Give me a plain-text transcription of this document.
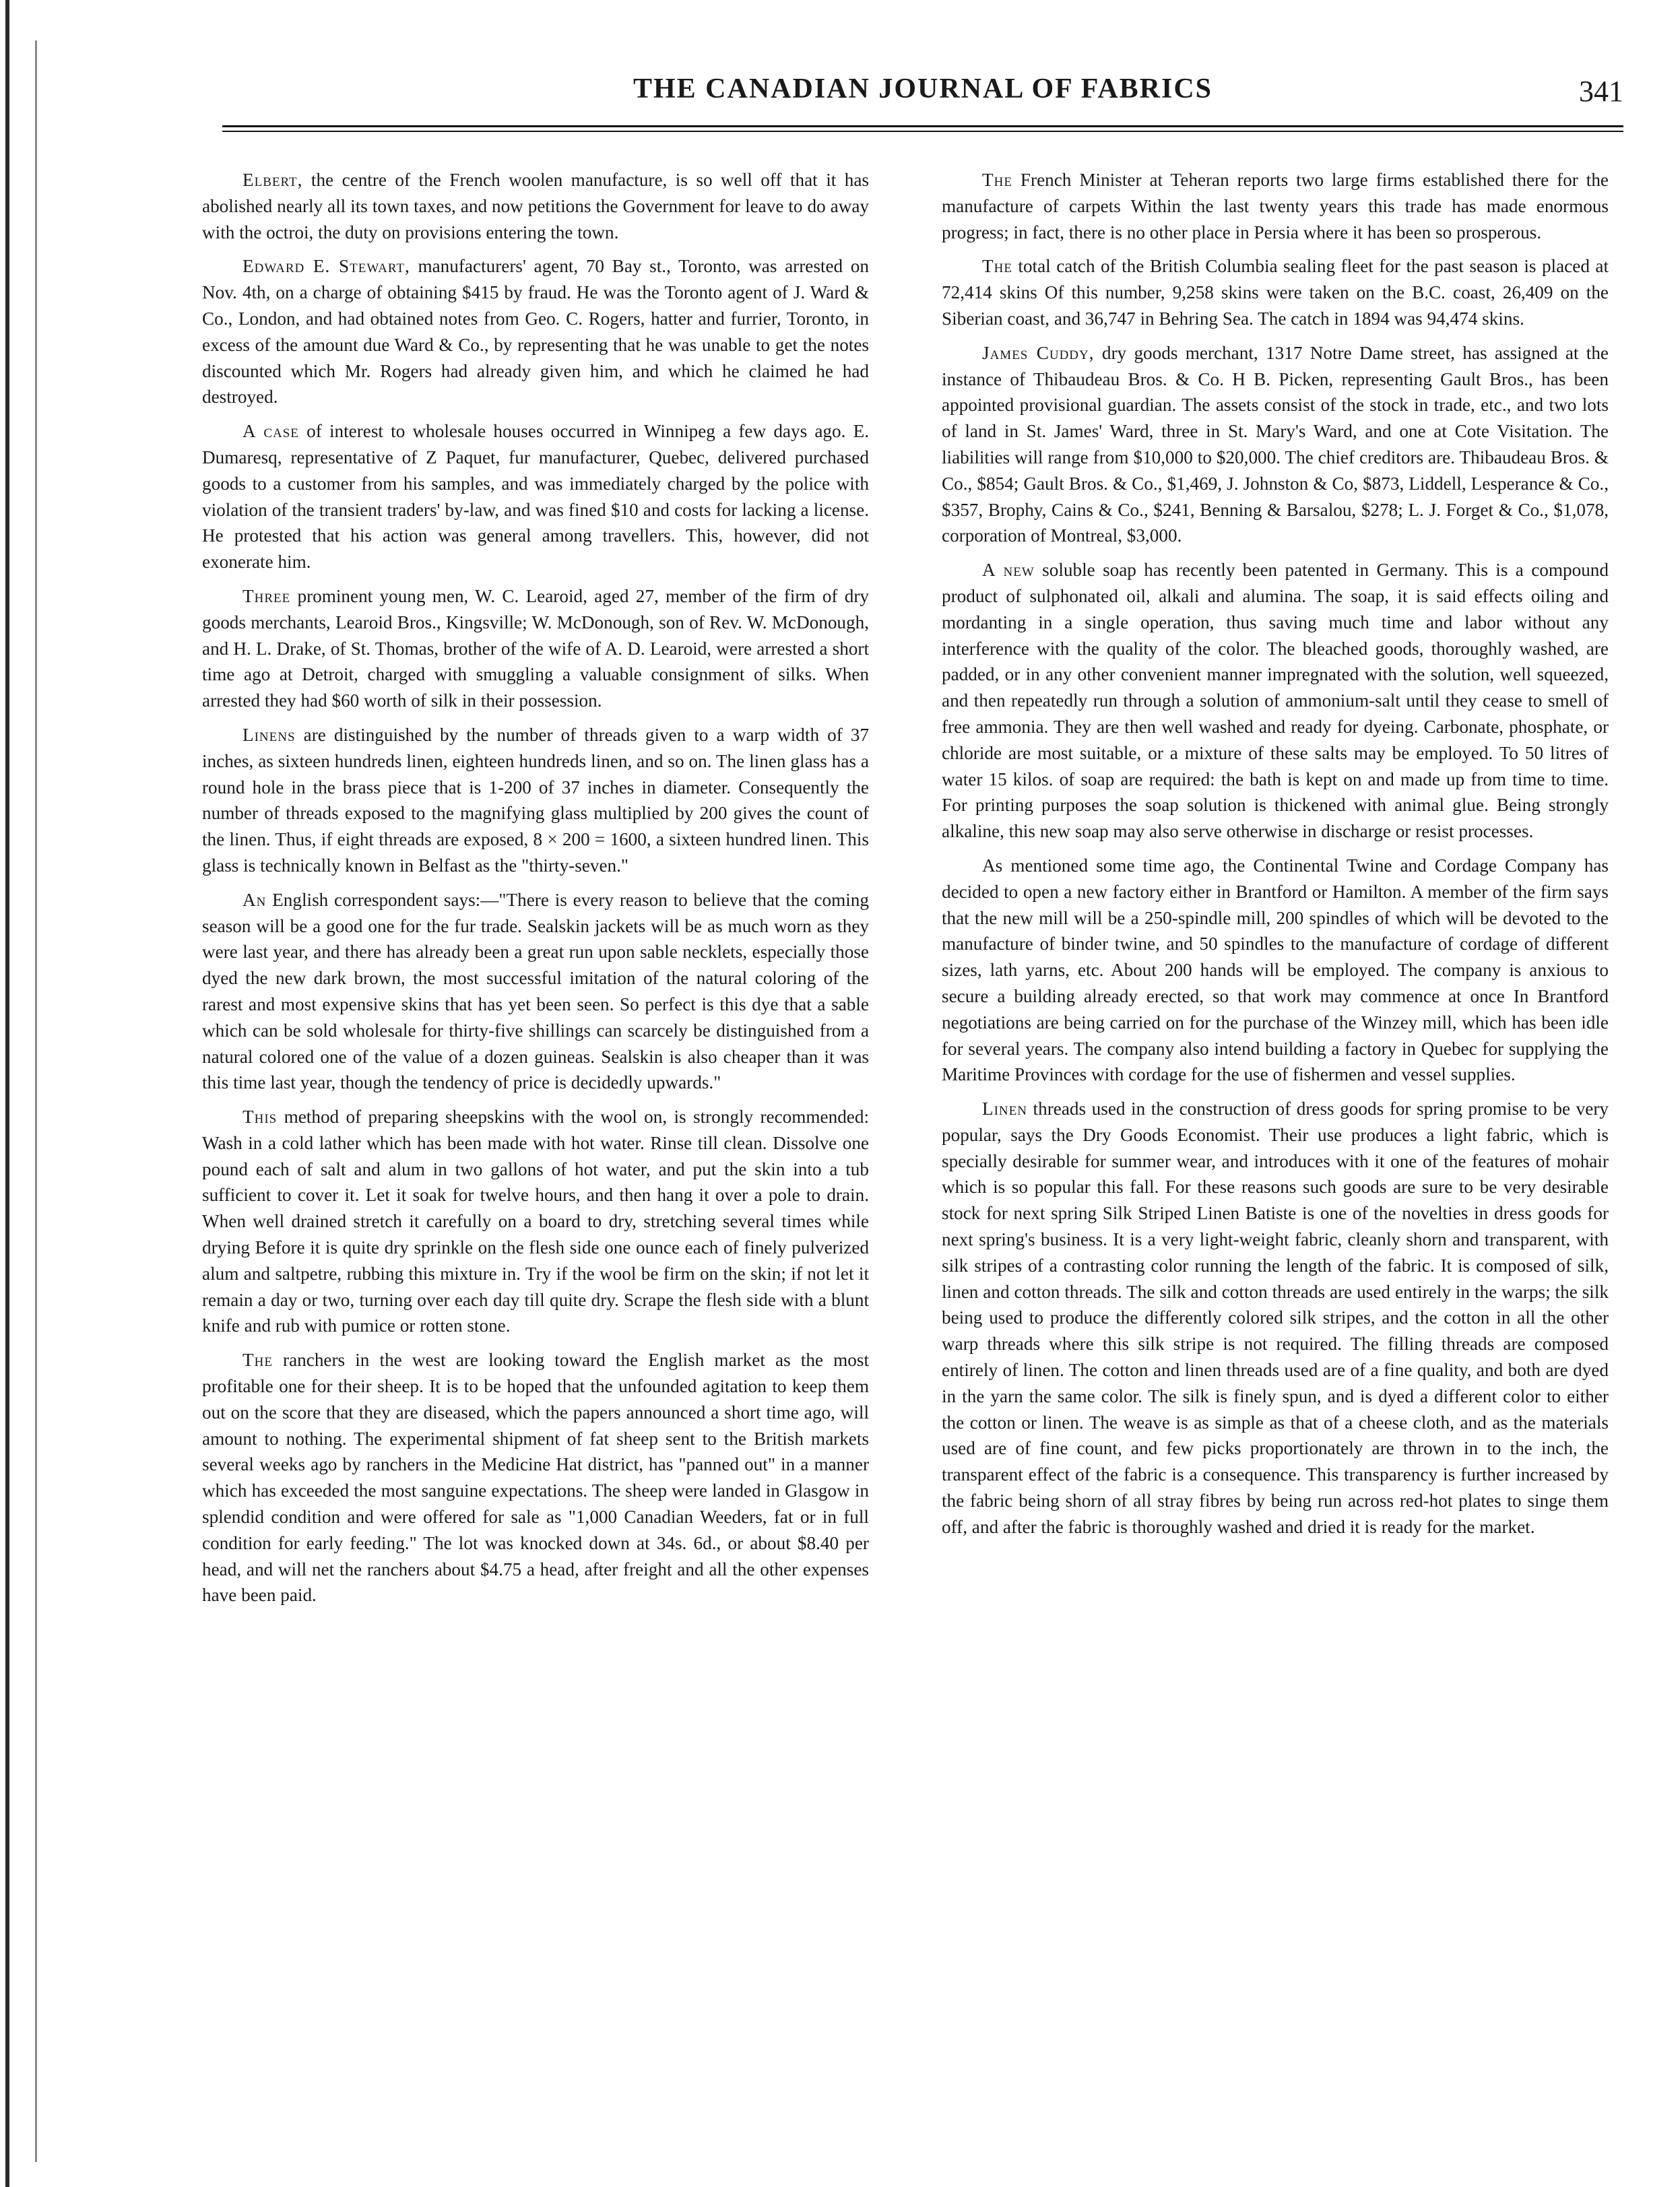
THE CANADIAN JOURNAL OF FABRICS	341

Elbert, the centre of the French woolen manufacture, is so well off that it has abolished nearly all its town taxes, and now petitions the Government for leave to do away with the octroi, the duty on provisions entering the town.

Edward E. Stewart, manufacturers' agent, 70 Bay st., Toronto, was arrested on Nov. 4th, on a charge of obtaining $415 by fraud. He was the Toronto agent of J. Ward & Co., London, and had obtained notes from Geo. C. Rogers, hatter and furrier, Toronto, in excess of the amount due Ward & Co., by representing that he was unable to get the notes discounted which Mr. Rogers had already given him, and which he claimed he had destroyed.

A case of interest to wholesale houses occurred in Winnipeg a few days ago. E. Dumaresq, representative of Z Paquet, fur manufacturer, Quebec, delivered purchased goods to a customer from his samples, and was immediately charged by the police with violation of the transient traders' by-law, and was fined $10 and costs for lacking a license. He protested that his action was general among travellers. This, however, did not exonerate him.

Three prominent young men, W. C. Learoid, aged 27, member of the firm of dry goods merchants, Learoid Bros., Kingsville; W. McDonough, son of Rev. W. McDonough, and H. L. Drake, of St. Thomas, brother of the wife of A. D. Learoid, were arrested a short time ago at Detroit, charged with smuggling a valuable consignment of silks. When arrested they had $60 worth of silk in their possession.

Linens are distinguished by the number of threads given to a warp width of 37 inches, as sixteen hundreds linen, eighteen hundreds linen, and so on. The linen glass has a round hole in the brass piece that is 1-200 of 37 inches in diameter. Consequently the number of threads exposed to the magnifying glass multiplied by 200 gives the count of the linen. Thus, if eight threads are exposed, 8 × 200 = 1600, a sixteen hundred linen. This glass is technically known in Belfast as the "thirty-seven."

An English correspondent says:—"There is every reason to believe that the coming season will be a good one for the fur trade. Sealskin jackets will be as much worn as they were last year, and there has already been a great run upon sable necklets, especially those dyed the new dark brown, the most successful imitation of the natural coloring of the rarest and most expensive skins that has yet been seen. So perfect is this dye that a sable which can be sold wholesale for thirty-five shillings can scarcely be distinguished from a natural colored one of the value of a dozen guineas. Sealskin is also cheaper than it was this time last year, though the tendency of price is decidedly upwards."

This method of preparing sheepskins with the wool on, is strongly recommended: Wash in a cold lather which has been made with hot water. Rinse till clean. Dissolve one pound each of salt and alum in two gallons of hot water, and put the skin into a tub sufficient to cover it. Let it soak for twelve hours, and then hang it over a pole to drain. When well drained stretch it carefully on a board to dry, stretching several times while drying Before it is quite dry sprinkle on the flesh side one ounce each of finely pulverized alum and saltpetre, rubbing this mixture in. Try if the wool be firm on the skin; if not let it remain a day or two, turning over each day till quite dry. Scrape the flesh side with a blunt knife and rub with pumice or rotten stone.

The ranchers in the west are looking toward the English market as the most profitable one for their sheep. It is to be hoped that the unfounded agitation to keep them out on the score that they are diseased, which the papers announced a short time ago, will amount to nothing. The experimental shipment of fat sheep sent to the British markets several weeks ago by ranchers in the Medicine Hat district, has "panned out" in a manner which has exceeded the most sanguine expectations. The sheep were landed in Glasgow in splendid condition and were offered for sale as "1,000 Canadian Weeders, fat or in full condition for early feeding." The lot was knocked down at 34s. 6d., or about $8.40 per head, and will net the ranchers about $4.75 a head, after freight and all the other expenses have been paid.

The French Minister at Teheran reports two large firms established there for the manufacture of carpets Within the last twenty years this trade has made enormous progress; in fact, there is no other place in Persia where it has been so prosperous.

The total catch of the British Columbia sealing fleet for the past season is placed at 72,414 skins Of this number, 9,258 skins were taken on the B.C. coast, 26,409 on the Siberian coast, and 36,747 in Behring Sea. The catch in 1894 was 94,474 skins.

James Cuddy, dry goods merchant, 1317 Notre Dame street, has assigned at the instance of Thibaudeau Bros. & Co. H B. Picken, representing Gault Bros., has been appointed provisional guardian. The assets consist of the stock in trade, etc., and two lots of land in St. James' Ward, three in St. Mary's Ward, and one at Cote Visitation. The liabilities will range from $10,000 to $20,000. The chief creditors are. Thibaudeau Bros. & Co., $854; Gault Bros. & Co., $1,469, J. Johnston & Co, $873, Liddell, Lesperance & Co., $357, Brophy, Cains & Co., $241, Benning & Barsalou, $278; L. J. Forget & Co., $1,078, corporation of Montreal, $3,000.

A new soluble soap has recently been patented in Germany. This is a compound product of sulphonated oil, alkali and alumina. The soap, it is said effects oiling and mordanting in a single operation, thus saving much time and labor without any interference with the quality of the color. The bleached goods, thoroughly washed, are padded, or in any other convenient manner impregnated with the solution, well squeezed, and then repeatedly run through a solution of ammonium-salt until they cease to smell of free ammonia. They are then well washed and ready for dyeing. Carbonate, phosphate, or chloride are most suitable, or a mixture of these salts may be employed. To 50 litres of water 15 kilos. of soap are required: the bath is kept on and made up from time to time. For printing purposes the soap solution is thickened with animal glue. Being strongly alkaline, this new soap may also serve otherwise in discharge or resist processes.

As mentioned some time ago, the Continental Twine and Cordage Company has decided to open a new factory either in Brantford or Hamilton. A member of the firm says that the new mill will be a 250-spindle mill, 200 spindles of which will be devoted to the manufacture of binder twine, and 50 spindles to the manufacture of cordage of different sizes, lath yarns, etc. About 200 hands will be employed. The company is anxious to secure a building already erected, so that work may commence at once In Brantford negotiations are being carried on for the purchase of the Winzey mill, which has been idle for several years. The company also intend building a factory in Quebec for supplying the Maritime Provinces with cordage for the use of fishermen and vessel supplies.

Linen threads used in the construction of dress goods for spring promise to be very popular, says the Dry Goods Economist. Their use produces a light fabric, which is specially desirable for summer wear, and introduces with it one of the features of mohair which is so popular this fall. For these reasons such goods are sure to be very desirable stock for next spring Silk Striped Linen Batiste is one of the novelties in dress goods for next spring's business. It is a very light-weight fabric, cleanly shorn and transparent, with silk stripes of a contrasting color running the length of the fabric. It is composed of silk, linen and cotton threads. The silk and cotton threads are used entirely in the warps; the silk being used to produce the differently colored silk stripes, and the cotton in all the other warp threads where this silk stripe is not required. The filling threads are composed entirely of linen. The cotton and linen threads used are of a fine quality, and both are dyed in the yarn the same color. The silk is finely spun, and is dyed a different color to either the cotton or linen. The weave is as simple as that of a cheese cloth, and as the materials used are of fine count, and few picks proportionately are thrown in to the inch, the transparent effect of the fabric is a consequence. This transparency is further increased by the fabric being shorn of all stray fibres by being run across red-hot plates to singe them off, and after the fabric is thoroughly washed and dried it is ready for the market.
